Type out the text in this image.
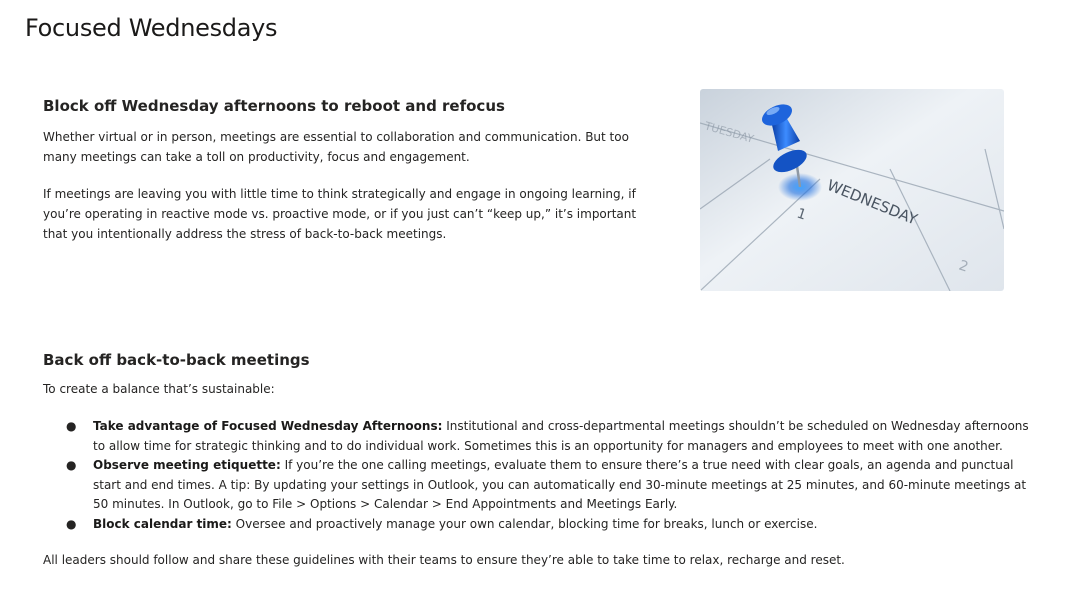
Focused Wednesdays
Block off Wednesday afternoons to reboot and refocus

Whether virtual or in person, meetings are essential to collaboration and communication. But too many meetings can take a toll on productivity, focus and engagement.

If meetings are leaving you with little time to think strategically and engage in ongoing learning, if you’re operating in reactive mode vs. proactive mode, or if you just can’t “keep up,” it’s important that you intentionally address the stress of back-to-back meetings.

TUESDAY
WEDNESDAY
1
2
Back off back-to-back meetings

To create a balance that’s sustainable:

● Take advantage of Focused Wednesday Afternoons: Institutional and cross-departmental meetings shouldn’t be scheduled on Wednesday afternoons to allow time for strategic thinking and to do individual work. Sometimes this is an opportunity for managers and employees to meet with one another.
● Observe meeting etiquette: If you’re the one calling meetings, evaluate them to ensure there’s a true need with clear goals, an agenda and punctual start and end times. A tip: By updating your settings in Outlook, you can automatically end 30-minute meetings at 25 minutes, and 60-minute meetings at 50 minutes. In Outlook, go to File > Options > Calendar > End Appointments and Meetings Early.
● Block calendar time: Oversee and proactively manage your own calendar, blocking time for breaks, lunch or exercise.

All leaders should follow and share these guidelines with their teams to ensure they’re able to take time to relax, recharge and reset.
